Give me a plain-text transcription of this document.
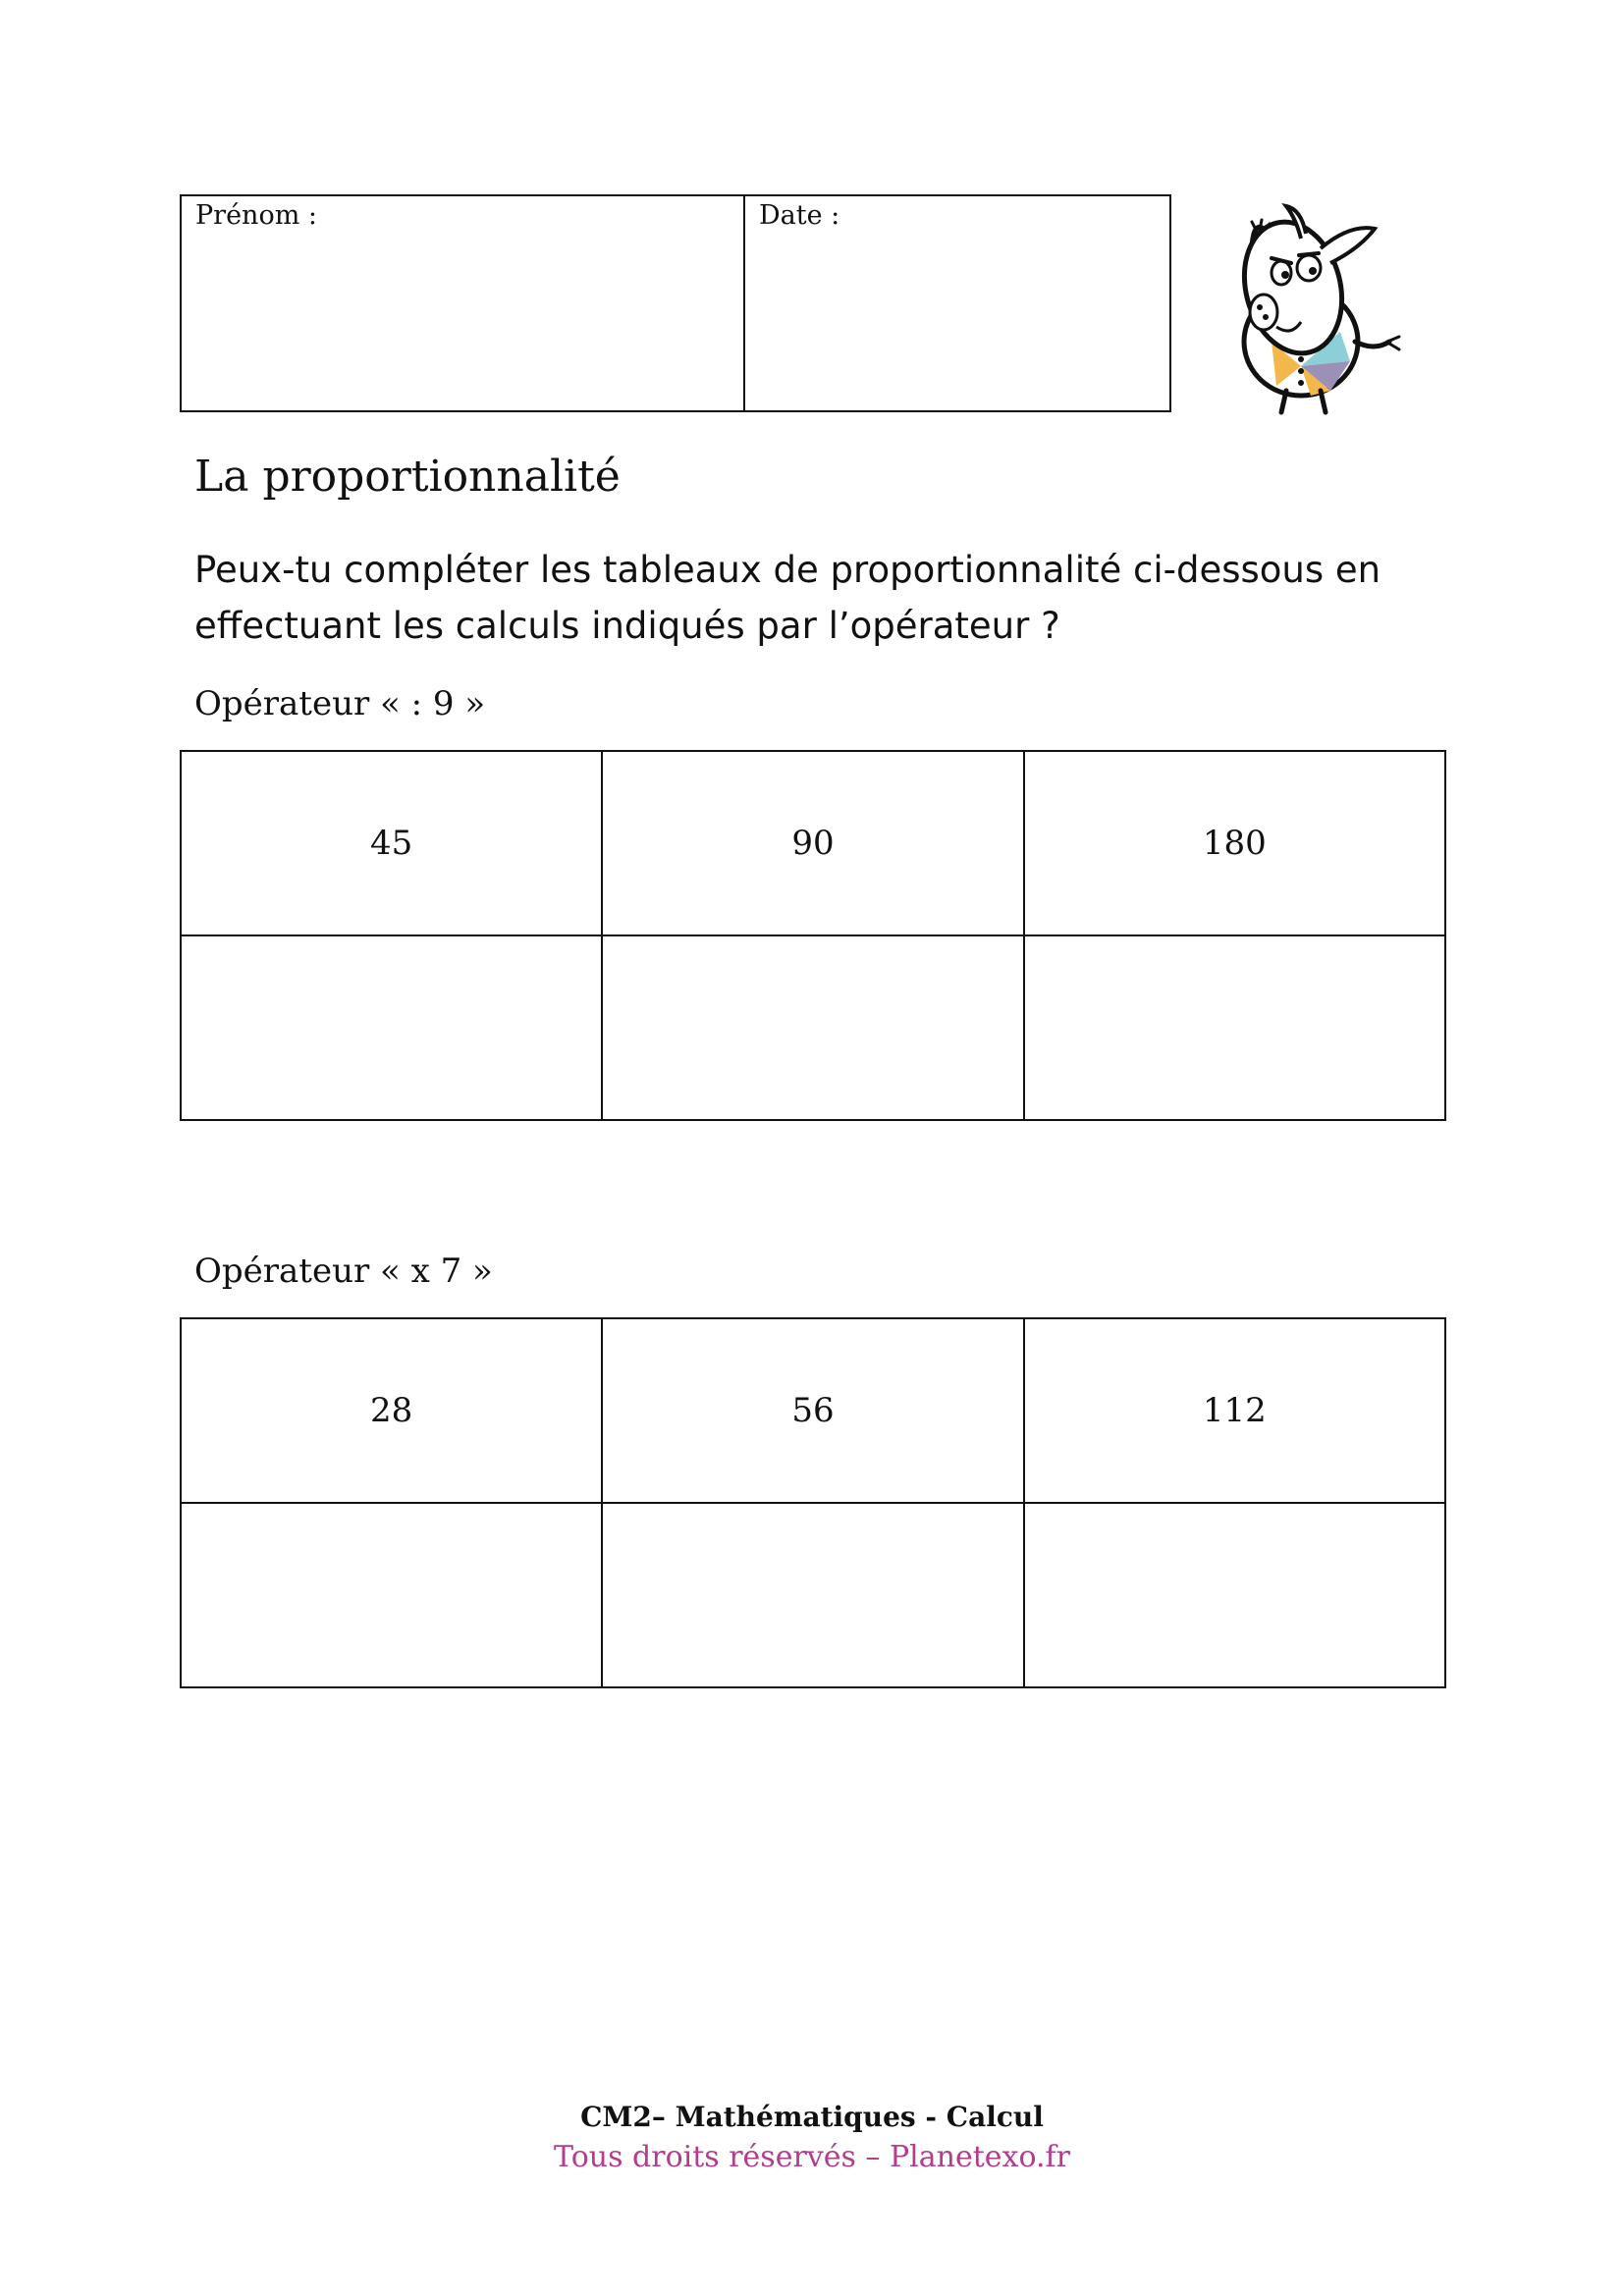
Prénom :	Date :
La proportionnalité

Peux-tu compléter les tableaux de proportionnalité ci-dessous en
effectuant les calculs indiqués par l’opérateur ?

Opérateur « : 9 »

45	90	180

Opérateur « x 7 »

28	56	112

CM2– Mathématiques - Calcul
Tous droits réservés – Planetexo.fr
